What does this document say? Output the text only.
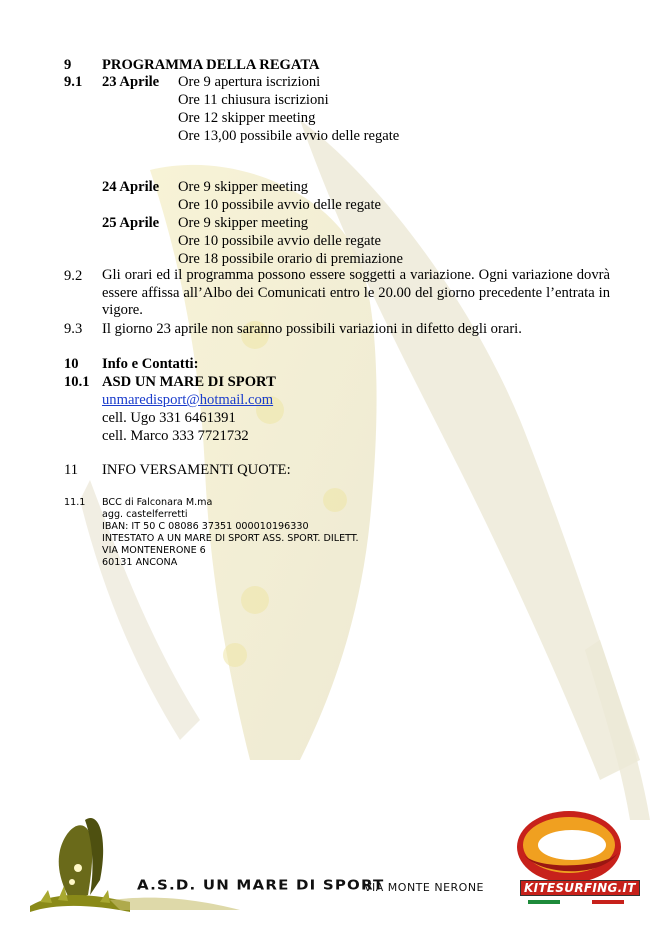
9 PROGRAMMA DELLA REGATA
9.1 23 Aprile Ore 9 apertura iscrizioni
Ore 11 chiusura iscrizioni
Ore 12 skipper meeting
Ore 13,00 possibile avvio delle regate
24 Aprile Ore 9 skipper meeting
Ore 10 possibile avvio delle regate
25 Aprile Ore 9 skipper meeting
Ore 10 possibile avvio delle regate
Ore 18 possibile orario di premiazione
9.2 Gli orari ed il programma possono essere soggetti a variazione. Ogni variazione dovrà essere affissa all’Albo dei Comunicati entro le 20.00 del giorno precedente l’entrata in vigore.
9.3 Il giorno 23 aprile non saranno possibili variazioni in difetto degli orari.
10 Info e Contatti:
10.1 ASD UN MARE DI SPORT
unmaredisport@hotmail.com
cell. Ugo 331 6461391
cell. Marco 333 7721732
11 INFO VERSAMENTI QUOTE:
11.1 BCC di Falconara M.ma
agg. castelferretti
IBAN: IT 50 C 08086 37351 000010196330
INTESTATO A UN MARE DI SPORT ASS. SPORT. DILETT.
VIA MONTENERONE 6
60131 ANCONA
A.S.D. UN MARE DI SPORT
VIA MONTE NERONE	KITESURFING.IT
